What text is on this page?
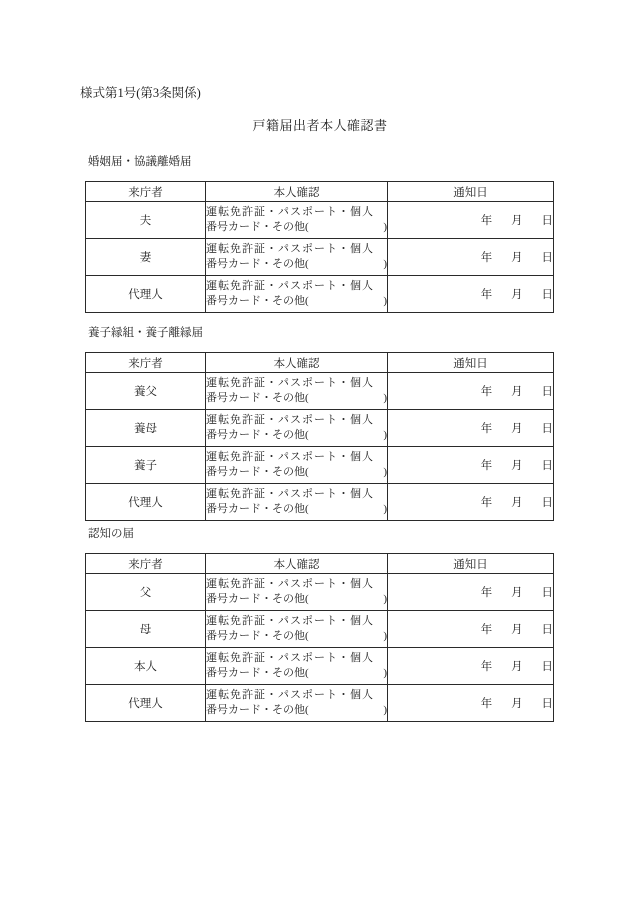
様式第1号(第3条関係)
戸籍届出者本人確認書
婚姻届・協議離婚届
来庁者	本人確認	通知日
夫	運転免許証・パスポート・個人
番号カード・その他( )	年 月 日
妻	運転免許証・パスポート・個人
番号カード・その他( )	年 月 日
代理人	運転免許証・パスポート・個人
番号カード・その他( )	年 月 日
養子縁組・養子離縁届
来庁者	本人確認	通知日
養父	運転免許証・パスポート・個人
番号カード・その他( )	年 月 日
養母	運転免許証・パスポート・個人
番号カード・その他( )	年 月 日
養子	運転免許証・パスポート・個人
番号カード・その他( )	年 月 日
代理人	運転免許証・パスポート・個人
番号カード・その他( )	年 月 日
認知の届
来庁者	本人確認	通知日
父	運転免許証・パスポート・個人
番号カード・その他( )	年 月 日
母	運転免許証・パスポート・個人
番号カード・その他( )	年 月 日
本人	運転免許証・パスポート・個人
番号カード・その他( )	年 月 日
代理人	運転免許証・パスポート・個人
番号カード・その他( )	年 月 日
